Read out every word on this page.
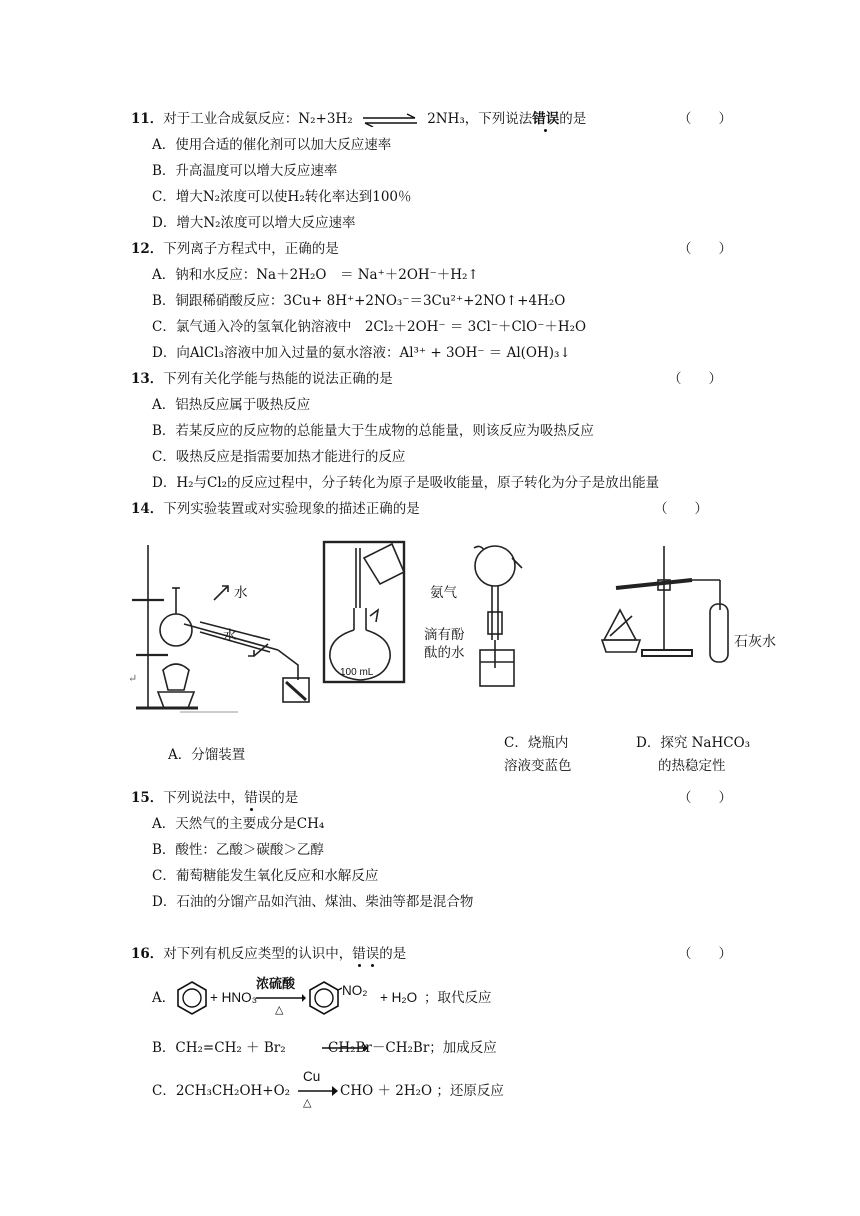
11．对于工业合成氨反应：N₂+3H₂	2NH₃，下列说法错误的是	（　　）
A．使用合适的催化剂可以加大反应速率
B．升高温度可以增大反应速率
C．增大N₂浓度可以使H₂转化率达到100％
D．增大N₂浓度可以增大反应速率
12．下列离子方程式中，正确的是	（　　）
A．钠和水反应：Na＋2H₂O　＝ Na⁺＋2OH⁻＋H₂↑
B．铜跟稀硝酸反应：3Cu+ 8H⁺+2NO₃⁻＝3Cu²⁺+2NO↑+4H₂O
C．氯气通入冷的氢氧化钠溶液中　2Cl₂＋2OH⁻ ＝ 3Cl⁻＋ClO⁻＋H₂O
D．向AlCl₃溶液中加入过量的氨水溶液：Al³⁺ + 3OH⁻ ＝ Al(OH)₃↓
13．下列有关化学能与热能的说法正确的是	（　　）
A．铝热反应属于吸热反应
B．若某反应的反应物的总能量大于生成物的总能量，则该反应为吸热反应
C．吸热反应是指需要加热才能进行的反应
D．H₂与Cl₂的反应过程中，分子转化为原子是吸收能量，原子转化为分子是放出能量
14．下列实验装置或对实验现象的描述正确的是	（　　）
水
水
↵	100 mL
氨气
滴有酚
酞的水
石灰水
A．分馏装置
C．烧瓶内
溶液变蓝色
D．探究 NaHCO₃
的热稳定性
15．下列说法中，错误的是	（　　）
A．天然气的主要成分是CH₄
B．酸性：乙酸＞碳酸＞乙醇
C．葡萄糖能发生氧化反应和水解反应
D．石油的分馏产品如汽油、煤油、柴油等都是混合物
16．对下列有机反应类型的认识中，错误的是	（　　）
A．	+ HNO₃
浓硫酸
△
NO₂ + H₂O ；取代反应
B．CH₂=CH₂ ＋ Br₂	CH₂Br－CH₂Br；加成反应
C．2CH₃CH₂OH+O₂
Cu
△
CHO ＋ 2H₂O ；还原反应
